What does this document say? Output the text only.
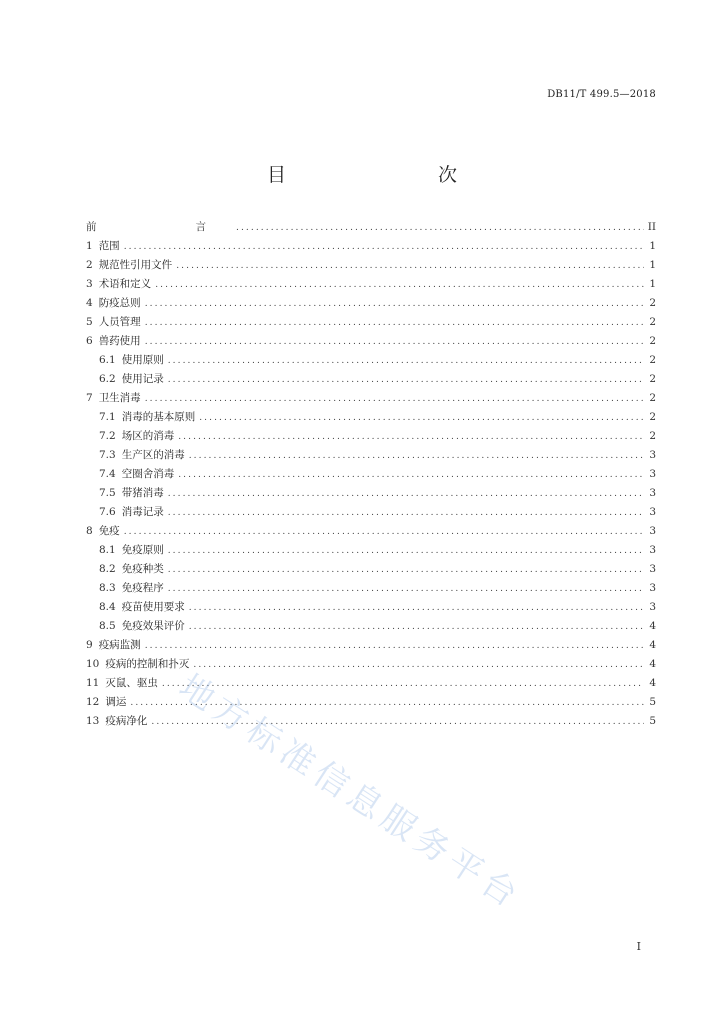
DB11/T 499.5—2018
目　　次
前　　言 .....	II
1 范围 .....	1
2 规范性引用文件 .....	1
3 术语和定义 .....	1
4 防疫总则 .....	2
5 人员管理 .....	2
6 兽药使用 .....	2
6.1 使用原则 .....	2
6.2 使用记录 .....	2
7 卫生消毒 .....	2
7.1 消毒的基本原则 .....	2
7.2 场区的消毒 .....	2
7.3 生产区的消毒 .....	3
7.4 空圈舍消毒 .....	3
7.5 带猪消毒 .....	3
7.6 消毒记录 .....	3
8 免疫 .....	3
8.1 免疫原则 .....	3
8.2 免疫种类 .....	3
8.3 免疫程序 .....	3
8.4 疫苗使用要求 .....	3
8.5 免疫效果评价 .....	4
9 疫病监测 .....	4
10 疫病的控制和扑灭 .....	4
11 灭鼠、驱虫 .....	4
12 调运 .....	5
13 疫病净化 .....	5
地方标准信息服务平台
I
